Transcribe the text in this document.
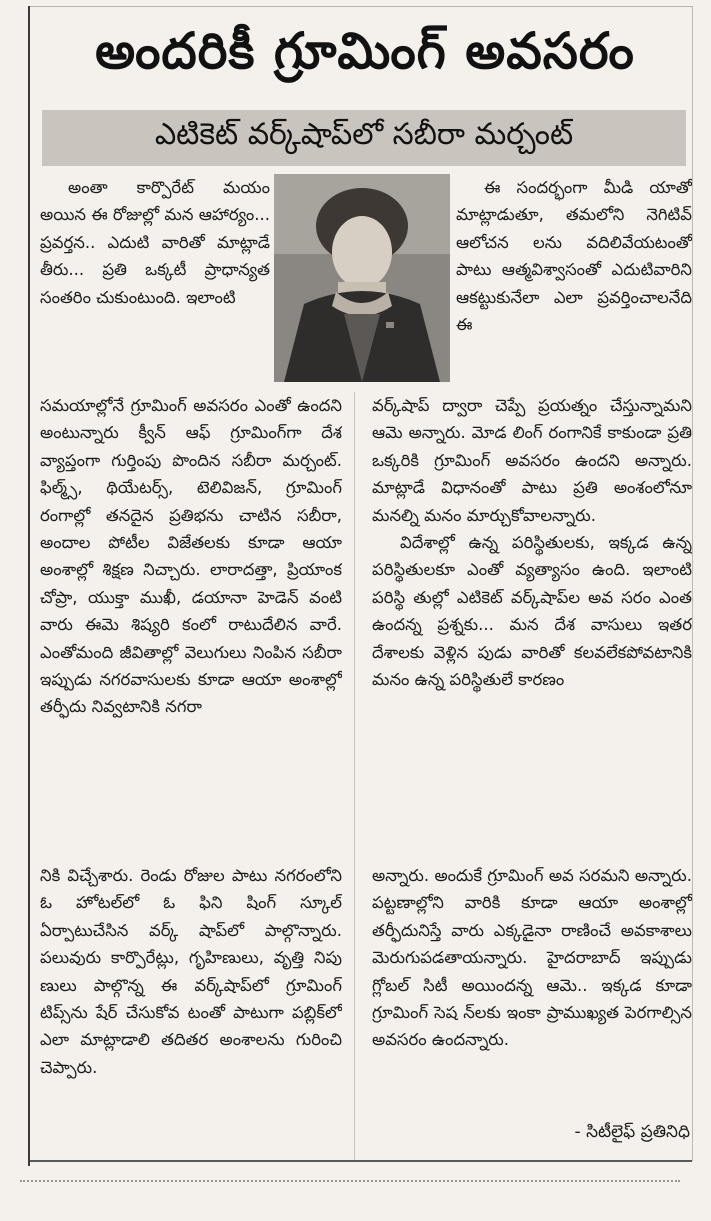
అందరికీ గ్రూమింగ్ అవసరం
ఎటికెట్ వర్క్‌షాప్‌లో సబీరా మర్చంట్

అంతా కార్పొరేట్ మయం అయిన ఈ రోజుల్లో మన ఆహార్యం... ప్రవర్తన.. ఎదుటి వారితో మాట్లాడే తీరు... ప్రతి ఒక్కటీ ప్రాధాన్యత సంతరిం చుకుంటుంది. ఇలాంటి

ఈ సందర్భంగా మీడి యాతో మాట్లాడుతూ, తమలోని నెగిటివ్ ఆలోచన లను వదిలివేయటంతో పాటు ఆత్మవిశ్వాసంతో ఎదుటివారిని ఆకట్టుకునేలా ఎలా ప్రవర్తించాలనేది ఈ

సమయాల్లోనే గ్రూమింగ్ అవసరం ఎంతో ఉందని అంటున్నారు క్వీన్ ఆఫ్ గ్రూమింగ్‌గా దేశ వ్యాప్తంగా గుర్తింపు పొందిన సబీరా మర్చంట్. ఫిల్మ్స్, థియేటర్స్, టెలివిజన్, గ్రూమింగ్ రంగాల్లో తనదైన ప్రతిభను చాటిన సబీరా, అందాల పోటీల విజేతలకు కూడా ఆయా అంశాల్లో శిక్షణ నిచ్చారు. లారాదత్తా, ప్రియాంక చోప్రా, యుక్తా ముఖీ, డయానా హెడెన్ వంటి వారు ఈమె శిష్యరి కంలో రాటుదేలిన వారే. ఎంతోమంది జీవితాల్లో వెలుగులు నింపిన సబీరా ఇప్పుడు నగరవాసులకు కూడా ఆయా అంశాల్లో తర్ఫీదు నివ్వటానికి నగరా

వర్క్‌షాప్ ద్వారా చెప్పే ప్రయత్నం చేస్తున్నామని ఆమె అన్నారు. మోడ లింగ్ రంగానికే కాకుండా ప్రతి ఒక్కరికి గ్రూమింగ్ అవసరం ఉందని అన్నారు. మాట్లాడే విధానంతో పాటు ప్రతి అంశంలోనూ మనల్ని మనం మార్చుకోవాలన్నారు.

విదేశాల్లో ఉన్న పరిస్థితులకు, ఇక్కడ ఉన్న పరిస్థితులకూ ఎంతో వ్యత్యాసం ఉంది. ఇలాంటి పరిస్థి తుల్లో ఎటికెట్ వర్క్‌షాప్‌ల అవ సరం ఎంత ఉందన్న ప్రశ్నకు... మన దేశ వాసులు ఇతర దేశాలకు వెళ్లిన పుడు వారితో కలవలేకపోవటానికి మనం ఉన్న పరిస్థితులే కారణం

నికి విచ్చేశారు. రెండు రోజుల పాటు నగరంలోని ఓ హోటల్‌లో ఓ ఫిని షింగ్ స్కూల్ ఏర్పాటుచేసిన వర్క్ షాప్‌లో పాల్గొన్నారు. పలువురు కార్పొరేట్లు, గృహిణులు, వృత్తి నిపు ణులు పాల్గొన్న ఈ వర్క్‌షాప్‌లో గ్రూమింగ్ టిప్స్‌ను షేర్ చేసుకోవ టంతో పాటుగా పబ్లిక్‌లో ఎలా మాట్లాడాలి తదితర అంశాలను గురించి చెప్పారు.

అన్నారు. అందుకే గ్రూమింగ్ అవ సరమని అన్నారు. పట్టణాల్లోని వారికి కూడా ఆయా అంశాల్లో తర్ఫీదునిస్తే వారు ఎక్కడైనా రాణించే అవకాశాలు మెరుగుపడతాయన్నారు. హైదరాబాద్ ఇప్పుడు గ్లోబల్ సిటీ అయిందన్న ఆమె.. ఇక్కడ కూడా గ్రూమింగ్ సెష న్‌లకు ఇంకా ప్రాముఖ్యత పెరగాల్సిన అవసరం ఉందన్నారు.

- సిటీలైఫ్ ప్రతినిధి
